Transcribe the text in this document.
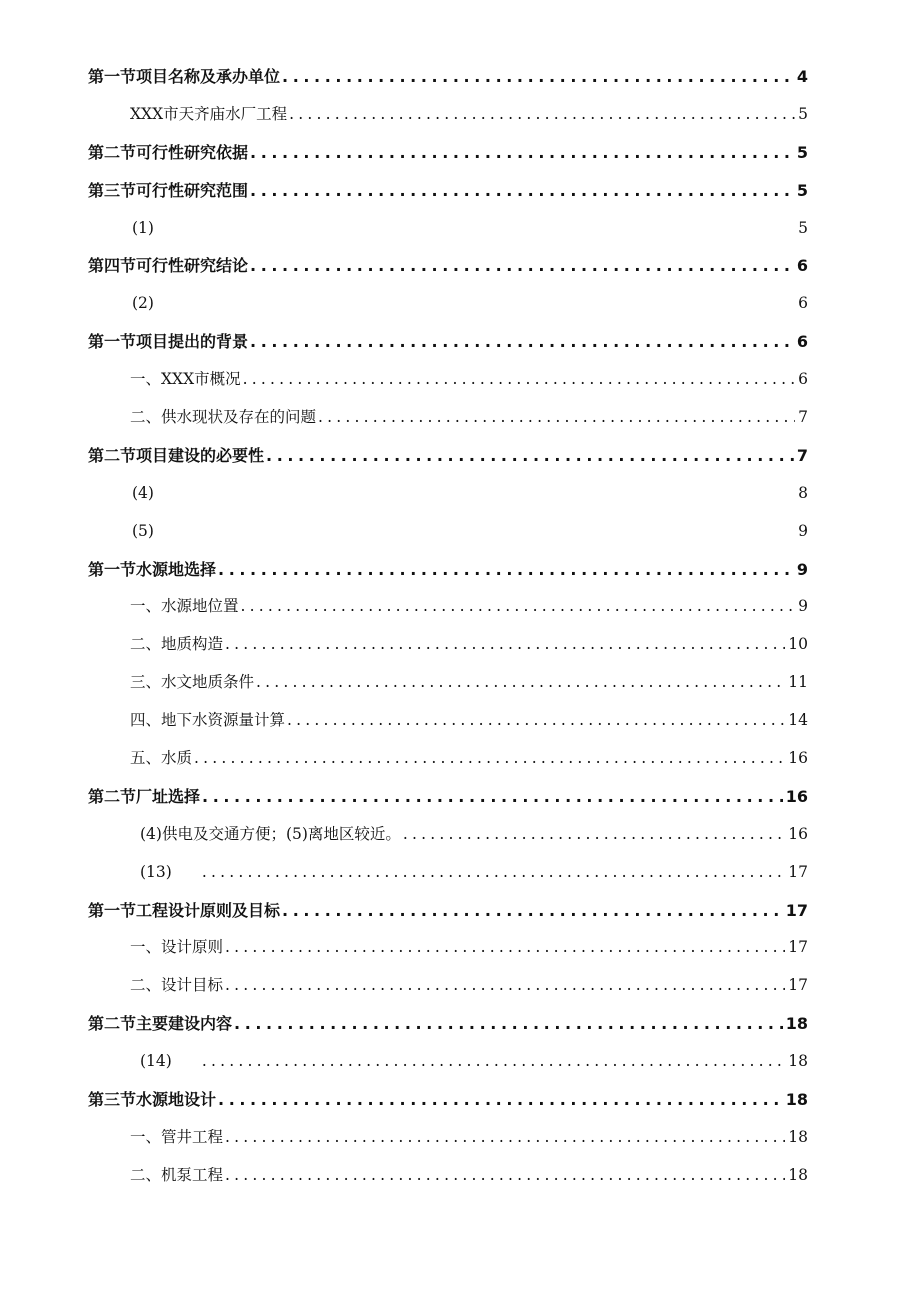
第一节项目名称及承办单位 .....	4
XXX市天齐庙水厂工程 .....	5
第二节可行性研究依据 .....	5
第三节可行性研究范围 .....	5
(1)	5
第四节可行性研究结论 .....	6
(2)	6
第一节项目提出的背景 .....	6
一、XXX市概况 .....	6
二、供水现状及存在的问题 .....	7
第二节项目建设的必要性 .....	7
(4)	8
(5)	9
第一节水源地选择 .....	9
一、水源地位置 .....	9
二、地质构造 .....	10
三、水文地质条件 .....	11
四、地下水资源量计算 .....	14
五、水质 .....	16
第二节厂址选择 .....	16
(4)供电及交通方便；(5)离地区较近。 .....	16
(13) .....	17
第一节工程设计原则及目标 .....	17
一、设计原则 .....	17
二、设计目标 .....	17
第二节主要建设内容 .....	18
(14) .....	18
第三节水源地设计 .....	18
一、管井工程 .....	18
二、机泵工程 .....	18
